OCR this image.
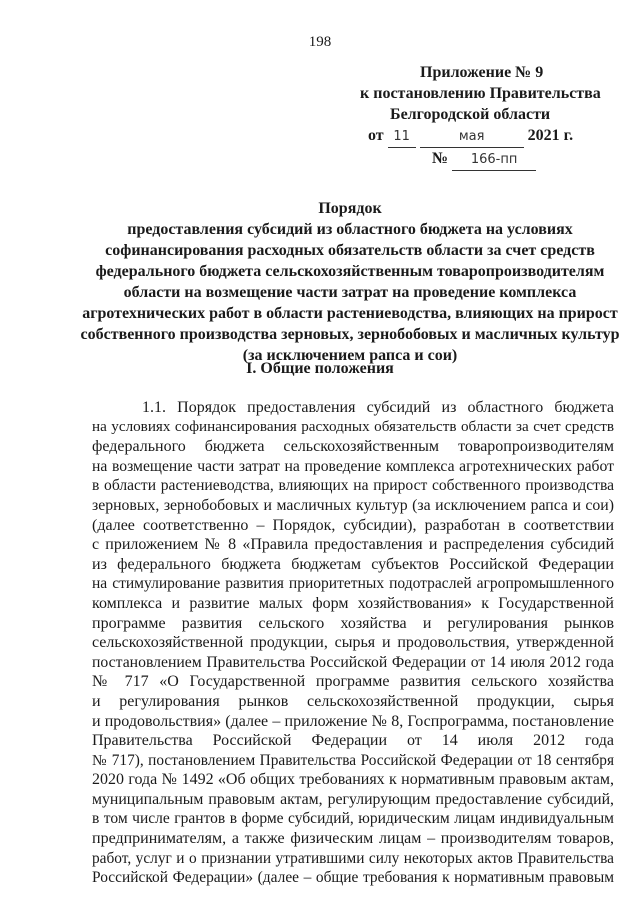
198
Приложение № 9
к постановлению Правительства
Белгородской области
от 11	мая	2021 г.
№ 166-пп
Порядок
предоставления субсидий из областного бюджета на условиях
софинансирования расходных обязательств области за счет средств
федерального бюджета сельскохозяйственным товаропроизводителям
области на возмещение части затрат на проведение комплекса
агротехнических работ в области растениеводства, влияющих на прирост
собственного производства зерновых, зернобобовых и масличных культур
(за исключением рапса и сои)
I. Общие положения
1.1. Порядок предоставления субсидий из областного бюджета
на условиях софинансирования расходных обязательств области за счет средств
федерального бюджета сельскохозяйственным товаропроизводителям
на возмещение части затрат на проведение комплекса агротехнических работ
в области растениеводства, влияющих на прирост собственного производства
зерновых, зернобобовых и масличных культур (за исключением рапса и сои)
(далее соответственно – Порядок, субсидии), разработан в соответствии
с приложением № 8 «Правила предоставления и распределения субсидий
из федерального бюджета бюджетам субъектов Российской Федерации
на стимулирование развития приоритетных подотраслей агропромышленного
комплекса и развитие малых форм хозяйствования» к Государственной
программе развития сельского хозяйства и регулирования рынков
сельскохозяйственной продукции, сырья и продовольствия, утвержденной
постановлением Правительства Российской Федерации от 14 июля 2012 года
№ 717 «О Государственной программе развития сельского хозяйства
и регулирования рынков сельскохозяйственной продукции, сырья
и продовольствия» (далее – приложение № 8, Госпрограмма, постановление
Правительства Российской Федерации от 14 июля 2012 года
№ 717), постановлением Правительства Российской Федерации от 18 сентября
2020 года № 1492 «Об общих требованиях к нормативным правовым актам,
муниципальным правовым актам, регулирующим предоставление субсидий,
в том числе грантов в форме субсидий, юридическим лицам индивидуальным
предпринимателям, а также физическим лицам – производителям товаров,
работ, услуг и о признании утратившими силу некоторых актов Правительства
Российской Федерации» (далее – общие требования к нормативным правовым
